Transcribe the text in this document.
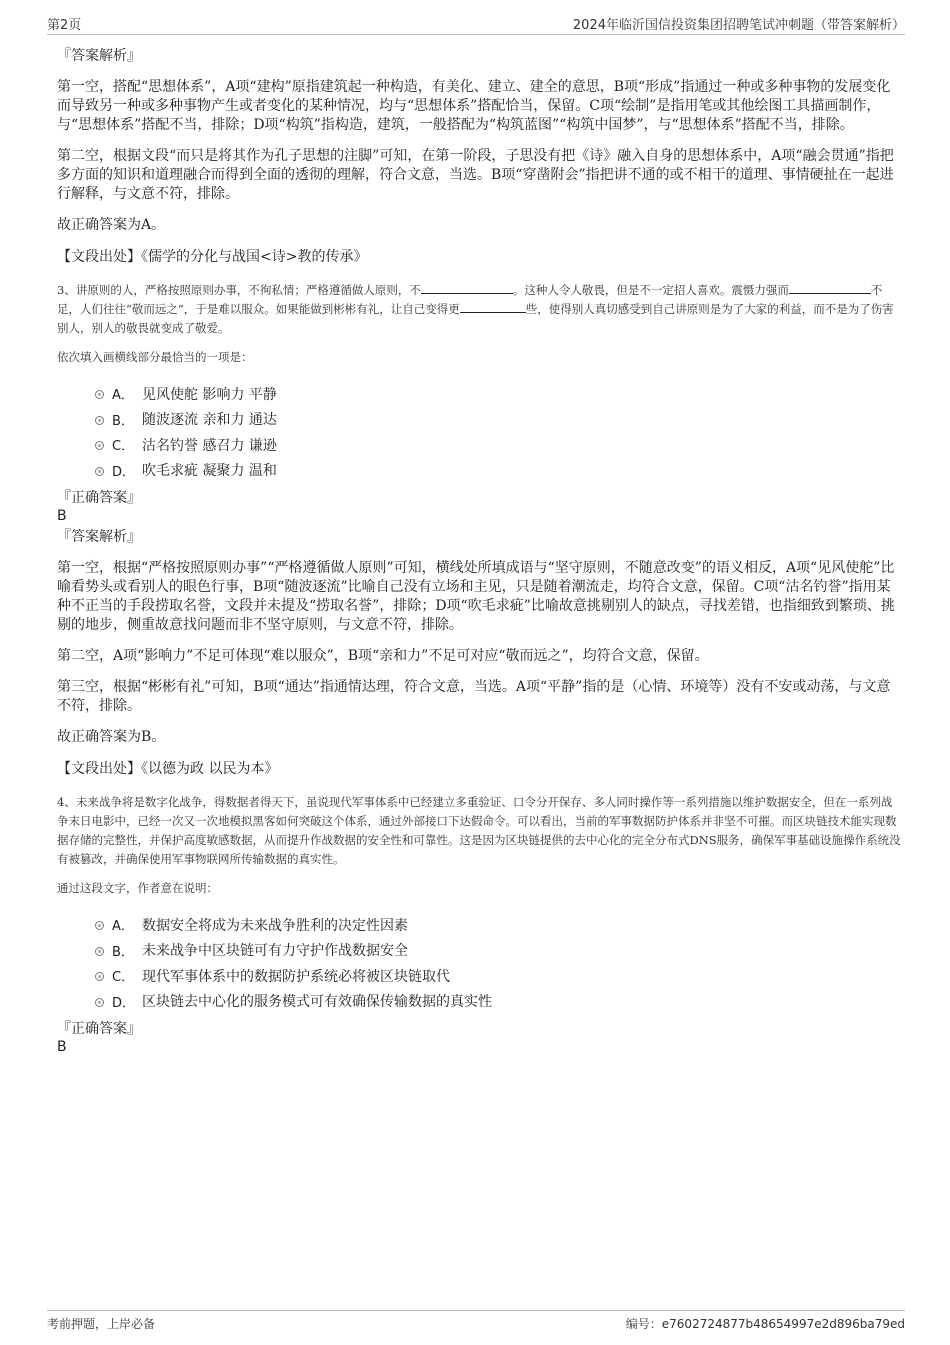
第2页	2024年临沂国信投资集团招聘笔试冲刺题（带答案解析）

『答案解析』

第一空，搭配“思想体系”，A项“建构”原指建筑起一种构造，有美化、建立、建全的意思，B项“形成”指通过一种或多种事物的发展变化而导致另一种或多种事物产生或者变化的某种情况，均与“思想体系”搭配恰当，保留。C项“绘制”是指用笔或其他绘图工具描画制作，与“思想体系”搭配不当，排除；D项“构筑”指构造，建筑，一般搭配为“构筑蓝图”“构筑中国梦”，与“思想体系”搭配不当，排除。

第二空，根据文段“而只是将其作为孔子思想的注脚”可知，在第一阶段，子思没有把《诗》融入自身的思想体系中，A项“融会贯通”指把多方面的知识和道理融合而得到全面的透彻的理解，符合文意，当选。B项“穿凿附会”指把讲不通的或不相干的道理、事情硬扯在一起进行解释，与文意不符，排除。

故正确答案为A。

【文段出处】《儒学的分化与战国<诗>教的传承》

3、讲原则的人，严格按照原则办事，不徇私情；严格遵循做人原则，不	。这种人令人敬畏，但是不一定招人喜欢。震慑力强而	不足，人们往往“敬而远之”，于是难以服众。如果能做到彬彬有礼，让自己变得更	些，使得别人真切感受到自己讲原则是为了大家的利益，而不是为了伤害别人，别人的敬畏就变成了敬爱。

依次填入画横线部分最恰当的一项是：

A． 见风使舵 影响力 平静
B． 随波逐流 亲和力 通达
C． 沽名钓誉 感召力 谦逊
D． 吹毛求疵 凝聚力 温和

『正确答案』

B

『答案解析』

第一空，根据“严格按照原则办事”“严格遵循做人原则”可知，横线处所填成语与“坚守原则，不随意改变”的语义相反，A项“见风使舵”比喻看势头或看别人的眼色行事，B项“随波逐流”比喻自己没有立场和主见，只是随着潮流走，均符合文意，保留。C项“沽名钓誉”指用某种不正当的手段捞取名誉，文段并未提及“捞取名誉”，排除；D项“吹毛求疵”比喻故意挑剔别人的缺点，寻找差错，也指细致到繁琐、挑剔的地步，侧重故意找问题而非不坚守原则，与文意不符，排除。

第二空，A项“影响力”不足可体现“难以服众”，B项“亲和力”不足可对应“敬而远之”，均符合文意，保留。

第三空，根据“彬彬有礼”可知，B项“通达”指通情达理，符合文意，当选。A项“平静”指的是（心情、环境等）没有不安或动荡，与文意不符，排除。

故正确答案为B。

【文段出处】《以德为政 以民为本》

4、未来战争将是数字化战争，得数据者得天下，虽说现代军事体系中已经建立多重验证、口令分开保存、多人同时操作等一系列措施以维护数据安全，但在一系列战争末日电影中，已经一次又一次地模拟黑客如何突破这个体系，通过外部接口下达假命令。可以看出，当前的军事数据防护体系并非坚不可摧。而区块链技术能实现数据存储的完整性，并保护高度敏感数据，从而提升作战数据的安全性和可靠性。这是因为区块链提供的去中心化的完全分布式DNS服务，确保军事基础设施操作系统没有被篡改，并确保使用军事物联网所传输数据的真实性。

通过这段文字，作者意在说明：

A． 数据安全将成为未来战争胜利的决定性因素
B． 未来战争中区块链可有力守护作战数据安全
C． 现代军事体系中的数据防护系统必将被区块链取代
D． 区块链去中心化的服务模式可有效确保传输数据的真实性

『正确答案』

B

考前押题，上岸必备	编号：e7602724877b48654997e2d896ba79ed
